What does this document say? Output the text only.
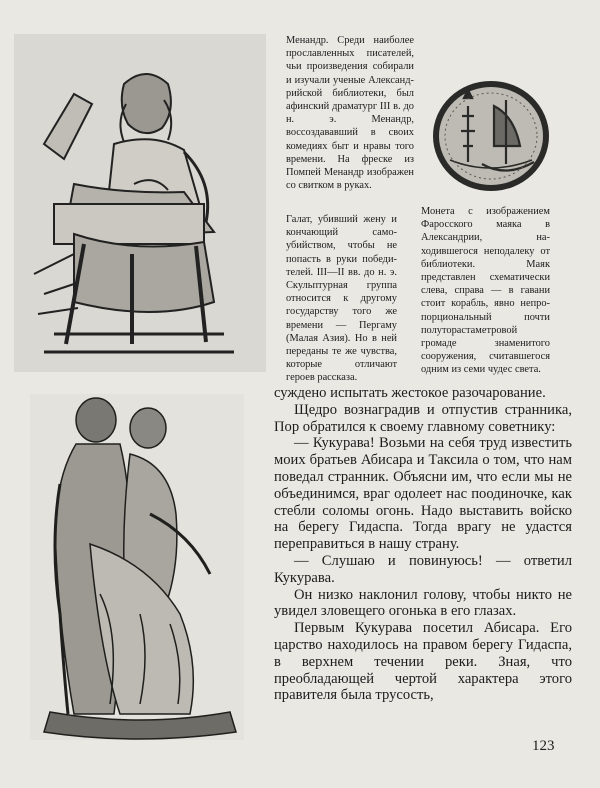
Менандр. Среди наиболее прославленных писателей, чьи произведения собирали и изучали ученые Александрийской библиотеки, был афинский драматург III в. до н. э. Менандр, воссоздававший в своих комедиях быт и нравы того времени. На фреске из Помпей Менандр изображен со свитком в руках.

Галат, убивший жену и кончающий самоубийством, чтобы не попасть в руки победителей. III—II вв. до н. э. Скульптурная группа относится к другому государству того же времени — Пергаму (Малая Азия). Но в ней переданы те же чувства, которые отличают героев рассказа.

Монета с изображением Фаросского маяка в Александрии, находившегося неподалеку от библиотеки. Маяк представлен схематически слева, справа — в гавани стоит корабль, явно непропорциональный почти полуторастаметровой громаде знаменитого сооружения, считавшегося одним из семи чудес света.

суждено испытать жестокое разочарование.

Щедро вознаградив и отпустив странника, Пор обратился к своему главному советнику:

— Кукурава! Возьми на себя труд известить моих братьев Абисара и Таксила о том, что нам поведал странник. Объясни им, что если мы не объединимся, враг одолеет нас поодиночке, как стебли соломы огонь. Надо выставить войско на берегу Гидаспа. Тогда врагу не удастся переправиться в нашу страну.

— Слушаю и повинуюсь! — ответил Кукурава.

Он низко наклонил голову, чтобы никто не увидел зловещего огонька в его глазах.

Первым Кукурава посетил Абисара. Его царство находилось на правом берегу Гидаспа, в верхнем течении реки. Зная, что преобладающей чертой характера этого правителя была трусость,

123
